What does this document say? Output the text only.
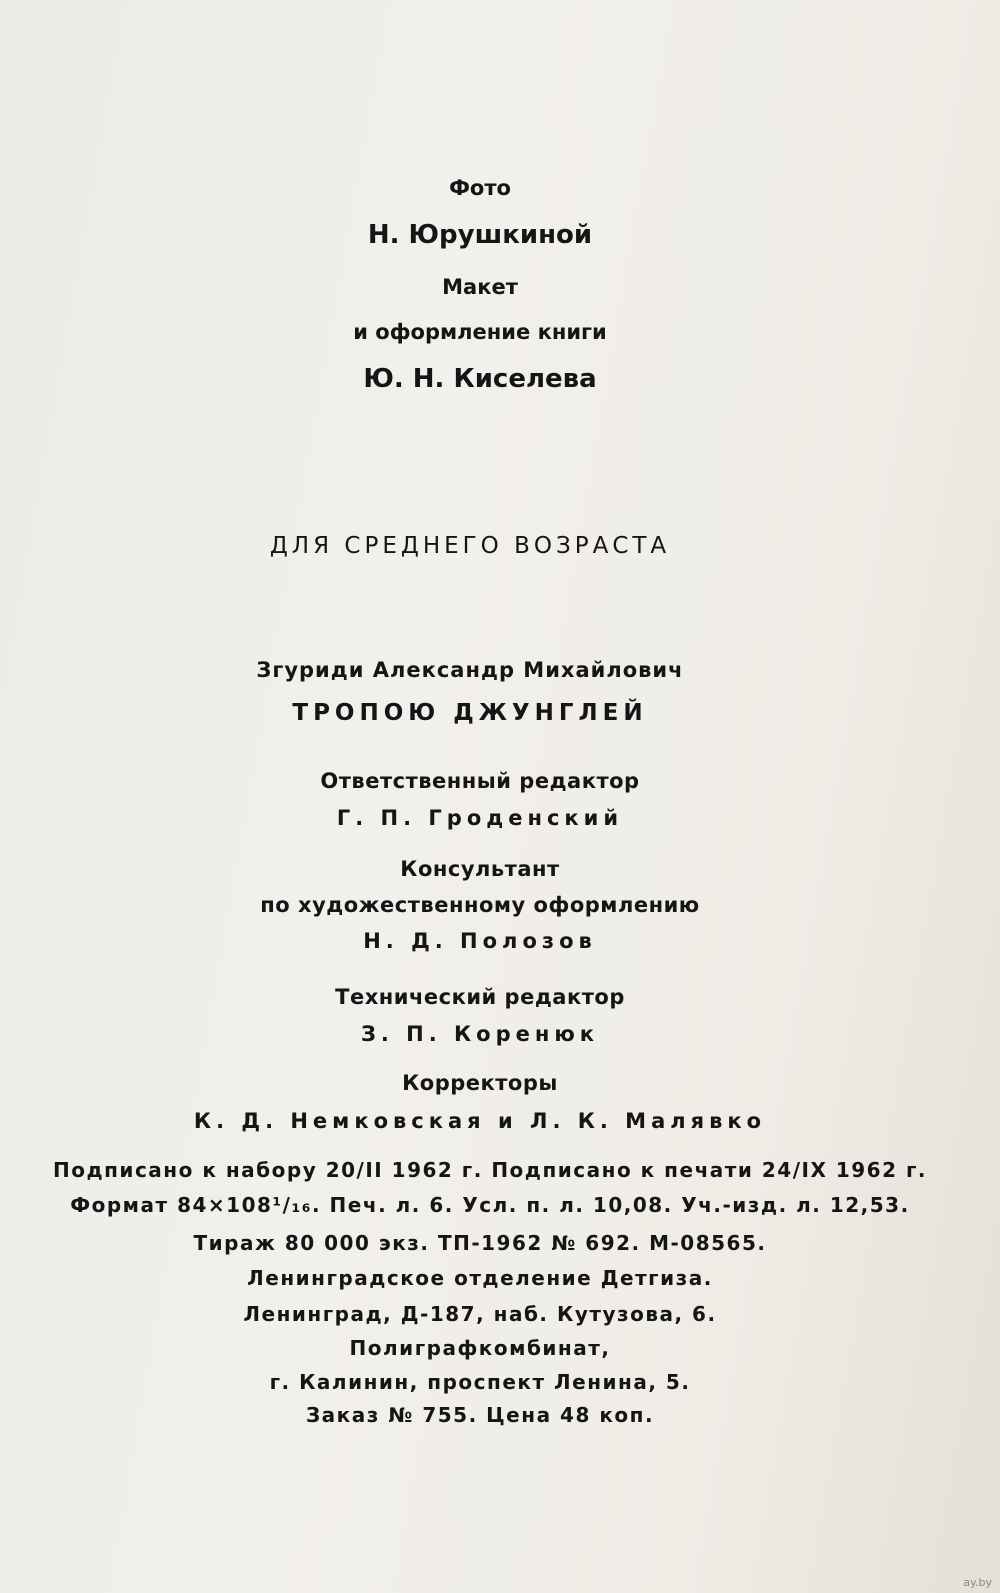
Фото
Н. Юрушкиной
Макет
и оформление книги
Ю. Н. Киселева
ДЛЯ СРЕДНЕГО ВОЗРАСТА
Згуриди Александр Михайлович
ТРОПОЮ ДЖУНГЛЕЙ
Ответственный редактор
Г. П. Гроденский
Консультант
по художественному оформлению
Н. Д. Полозов
Технический редактор
З. П. Коренюк
Корректоры
К. Д. Немковская и Л. К. Малявко
Подписано к набору 20/II 1962 г. Подписано к печати 24/IX 1962 г.
Формат 84×108¹/₁₆. Печ. л. 6. Усл. п. л. 10,08. Уч.-изд. л. 12,53.
Тираж 80 000 экз. ТП-1962 № 692. М-08565.
Ленинградское отделение Детгиза.
Ленинград, Д-187, наб. Кутузова, 6.
Полиграфкомбинат,
г. Калинин, проспект Ленина, 5.
Заказ № 755. Цена 48 коп.
ay.by
